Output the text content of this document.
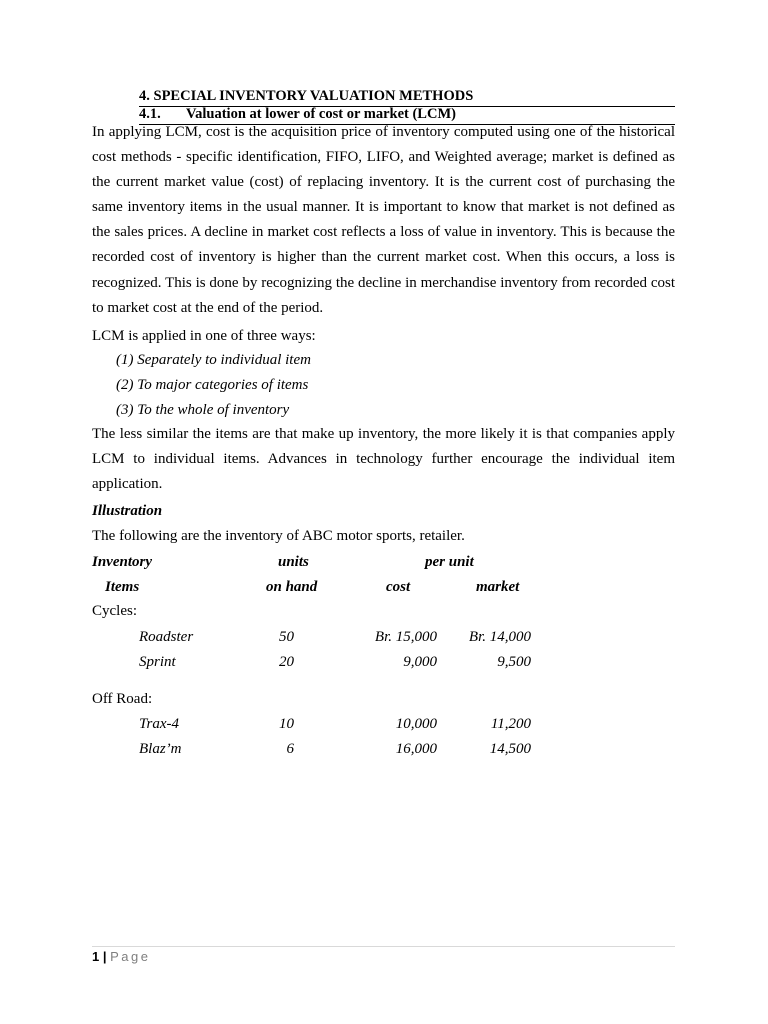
4. SPECIAL INVENTORY VALUATION METHODS
4.1. Valuation at lower of cost or market (LCM)
In applying LCM, cost is the acquisition price of inventory computed using one of the historical cost methods - specific identification, FIFO, LIFO, and Weighted average; market is defined as the current market value (cost) of replacing inventory. It is the current cost of purchasing the same inventory items in the usual manner. It is important to know that market is not defined as the sales prices. A decline in market cost reflects a loss of value in inventory. This is because the recorded cost of inventory is higher than the current market cost. When this occurs, a loss is recognized. This is done by recognizing the decline in merchandise inventory from recorded cost to market cost at the end of the period.
LCM is applied in one of three ways:
(1) Separately to individual item
(2) To major categories of items
(3) To the whole of inventory
The less similar the items are that make up inventory, the more likely it is that companies apply LCM to individual items. Advances in technology further encourage the individual item application.
Illustration
The following are the inventory of ABC motor sports, retailer.
Inventory	units	per unit
Items	on hand	cost	market
Cycles:
Roadster	50	Br. 15,000	Br. 14,000
Sprint	20	9,000	9,500
Off Road:
Trax-4	10	10,000	11,200
Blaz’m	6	16,000	14,500
1 | Page
